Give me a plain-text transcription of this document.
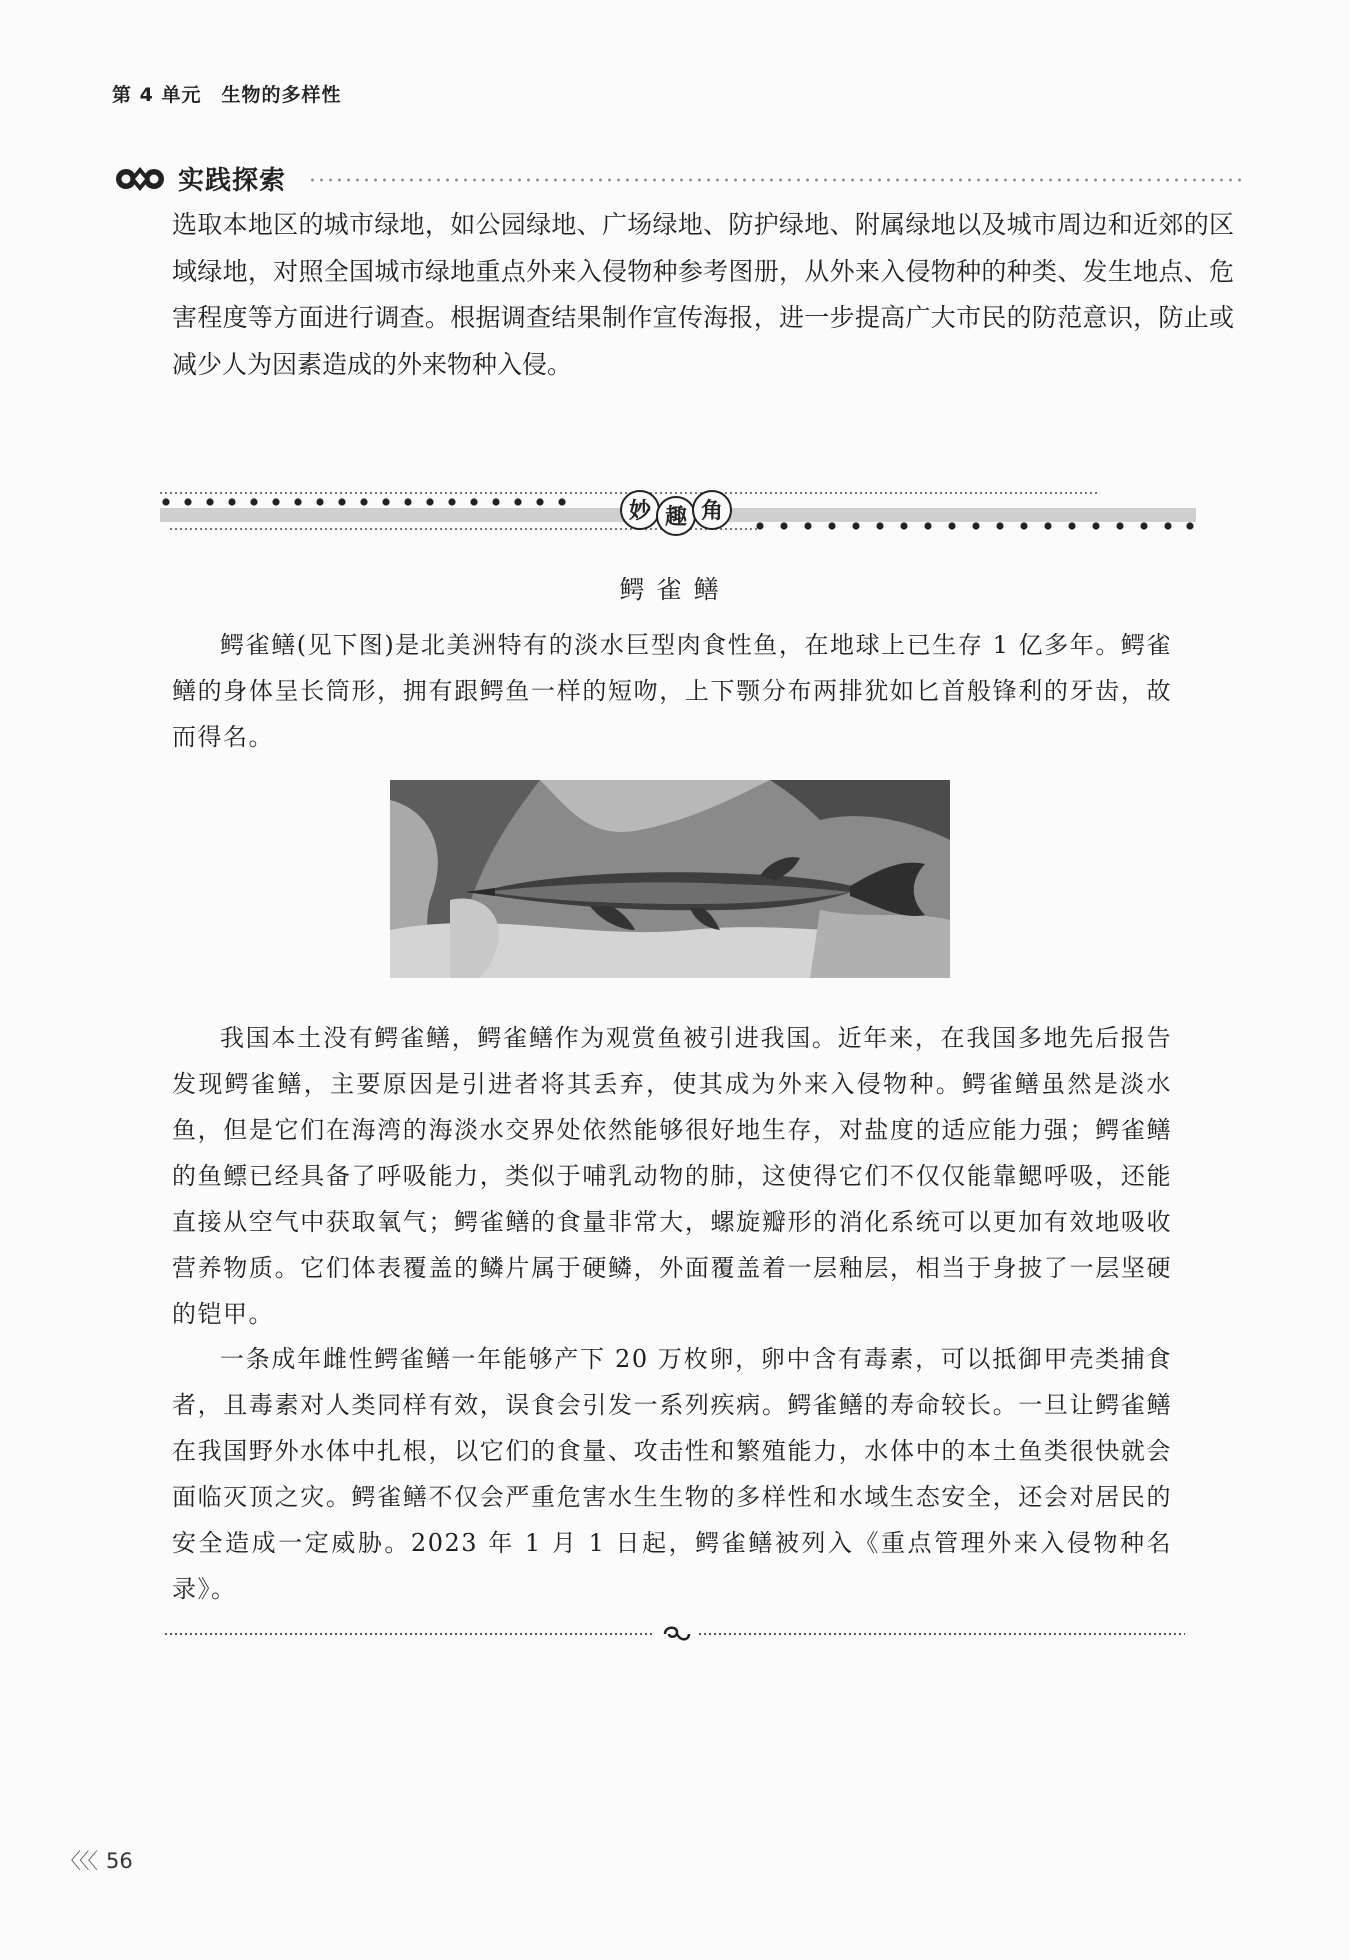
第 4 单元　生物的多样性
实践探索

选取本地区的城市绿地，如公园绿地、广场绿地、防护绿地、附属绿地以及城市周边和近郊的区域绿地，对照全国城市绿地重点外来入侵物种参考图册，从外来入侵物种的种类、发生地点、危害程度等方面进行调查。根据调查结果制作宣传海报，进一步提高广大市民的防范意识，防止或减少人为因素造成的外来物种入侵。

妙 趣 角
鳄雀鳝

鳄雀鳝(见下图)是北美洲特有的淡水巨型肉食性鱼，在地球上已生存 1 亿多年。鳄雀鳝的身体呈长筒形，拥有跟鳄鱼一样的短吻，上下颚分布两排犹如匕首般锋利的牙齿，故而得名。

我国本土没有鳄雀鳝，鳄雀鳝作为观赏鱼被引进我国。近年来，在我国多地先后报告发现鳄雀鳝，主要原因是引进者将其丢弃，使其成为外来入侵物种。鳄雀鳝虽然是淡水鱼，但是它们在海湾的海淡水交界处依然能够很好地生存，对盐度的适应能力强；鳄雀鳝的鱼鳔已经具备了呼吸能力，类似于哺乳动物的肺，这使得它们不仅仅能靠鳃呼吸，还能直接从空气中获取氧气；鳄雀鳝的食量非常大，螺旋瓣形的消化系统可以更加有效地吸收营养物质。它们体表覆盖的鳞片属于硬鳞，外面覆盖着一层釉层，相当于身披了一层坚硬的铠甲。

一条成年雌性鳄雀鳝一年能够产下 20 万枚卵，卵中含有毒素，可以抵御甲壳类捕食者，且毒素对人类同样有效，误食会引发一系列疾病。鳄雀鳝的寿命较长。一旦让鳄雀鳝在我国野外水体中扎根，以它们的食量、攻击性和繁殖能力，水体中的本土鱼类很快就会面临灭顶之灾。鳄雀鳝不仅会严重危害水生生物的多样性和水域生态安全，还会对居民的安全造成一定威胁。2023 年 1 月 1 日起，鳄雀鳝被列入《重点管理外来入侵物种名录》。

〈〈〈 56
